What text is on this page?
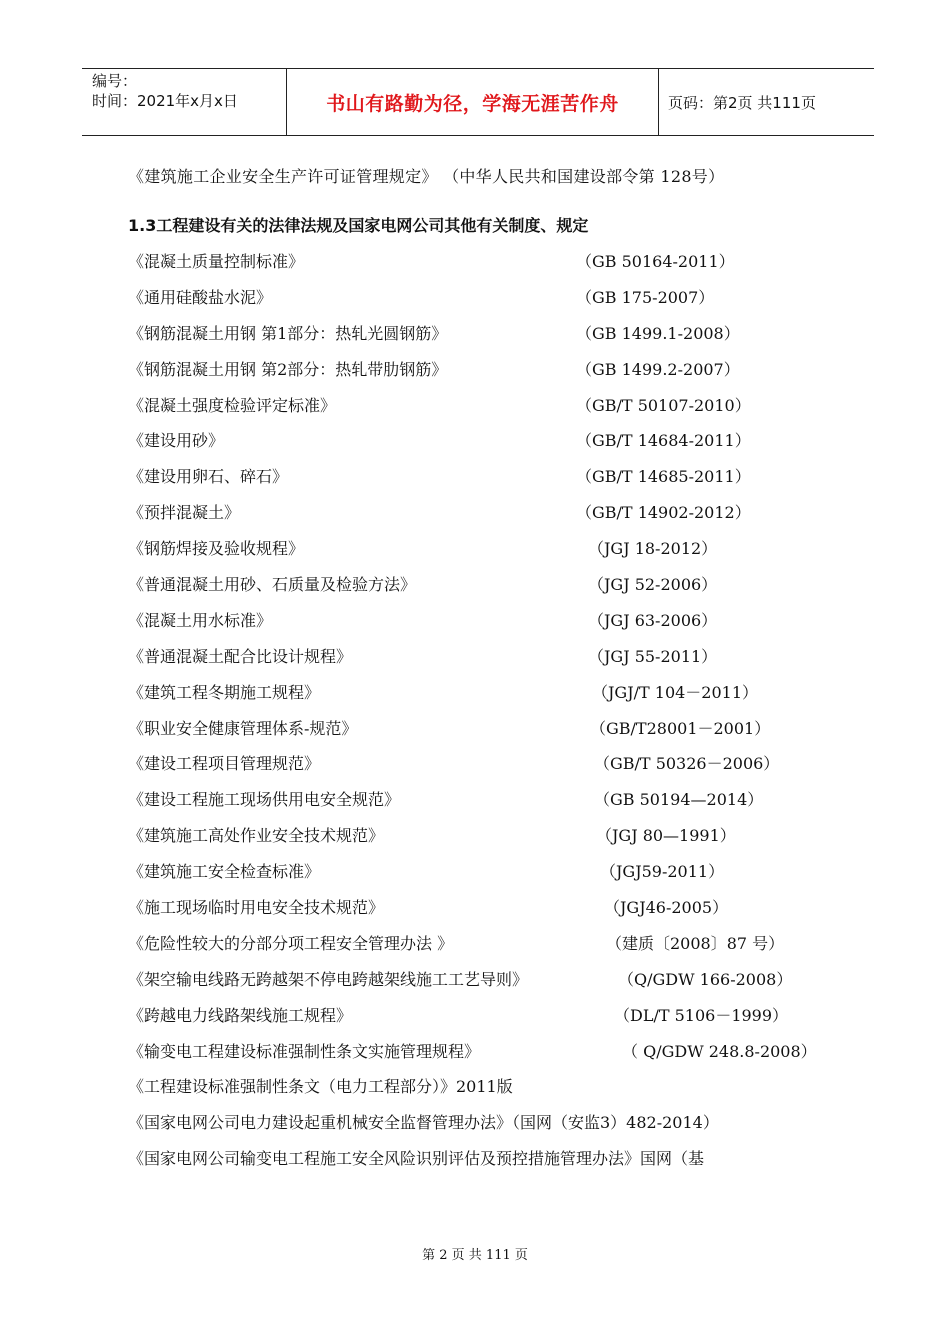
编号：
时间：2021年x月x日	书山有路勤为径，学海无涯苦作舟	页码：第2页 共111页

《建筑施工企业安全生产许可证管理规定》 （中华人民共和国建设部令第 128号）

1.3工程建设有关的法律法规及国家电网公司其他有关制度、规定
《混凝土质量控制标准》	（GB 50164-2011）
《通用硅酸盐水泥》	（GB 175-2007）
《钢筋混凝土用钢 第1部分：热轧光圆钢筋》	（GB 1499.1-2008）
《钢筋混凝土用钢 第2部分：热轧带肋钢筋》	（GB 1499.2-2007）
《混凝土强度检验评定标准》	（GB/T 50107-2010）
《建设用砂》	（GB/T 14684-2011）
《建设用卵石、碎石》	（GB/T 14685-2011）
《预拌混凝土》	（GB/T 14902-2012）
《钢筋焊接及验收规程》	（JGJ 18-2012）
《普通混凝土用砂、石质量及检验方法》	（JGJ 52-2006）
《混凝土用水标准》	（JGJ 63-2006）
《普通混凝土配合比设计规程》	（JGJ 55-2011）
《建筑工程冬期施工规程》	（JGJ/T 104－2011）
《职业安全健康管理体系-规范》	（GB/T28001－2001）
《建设工程项目管理规范》	（GB/T 50326－2006）
《建设工程施工现场供用电安全规范》	（GB 50194—2014）
《建筑施工高处作业安全技术规范》	（JGJ 80—1991）
《建筑施工安全检查标准》	（JGJ59-2011）
《施工现场临时用电安全技术规范》	（JGJ46-2005）
《危险性较大的分部分项工程安全管理办法 》	（建质〔2008〕87 号）
《架空输电线路无跨越架不停电跨越架线施工工艺导则》	（Q/GDW 166-2008）
《跨越电力线路架线施工规程》	（DL/T 5106－1999）
《输变电工程建设标准强制性条文实施管理规程》	（ Q/GDW 248.8-2008）
《工程建设标准强制性条文（电力工程部分）》2011版
《国家电网公司电力建设起重机械安全监督管理办法》（国网（安监3）482-2014）
《国家电网公司输变电工程施工安全风险识别评估及预控措施管理办法》国网（基
第 2 页 共 111 页
